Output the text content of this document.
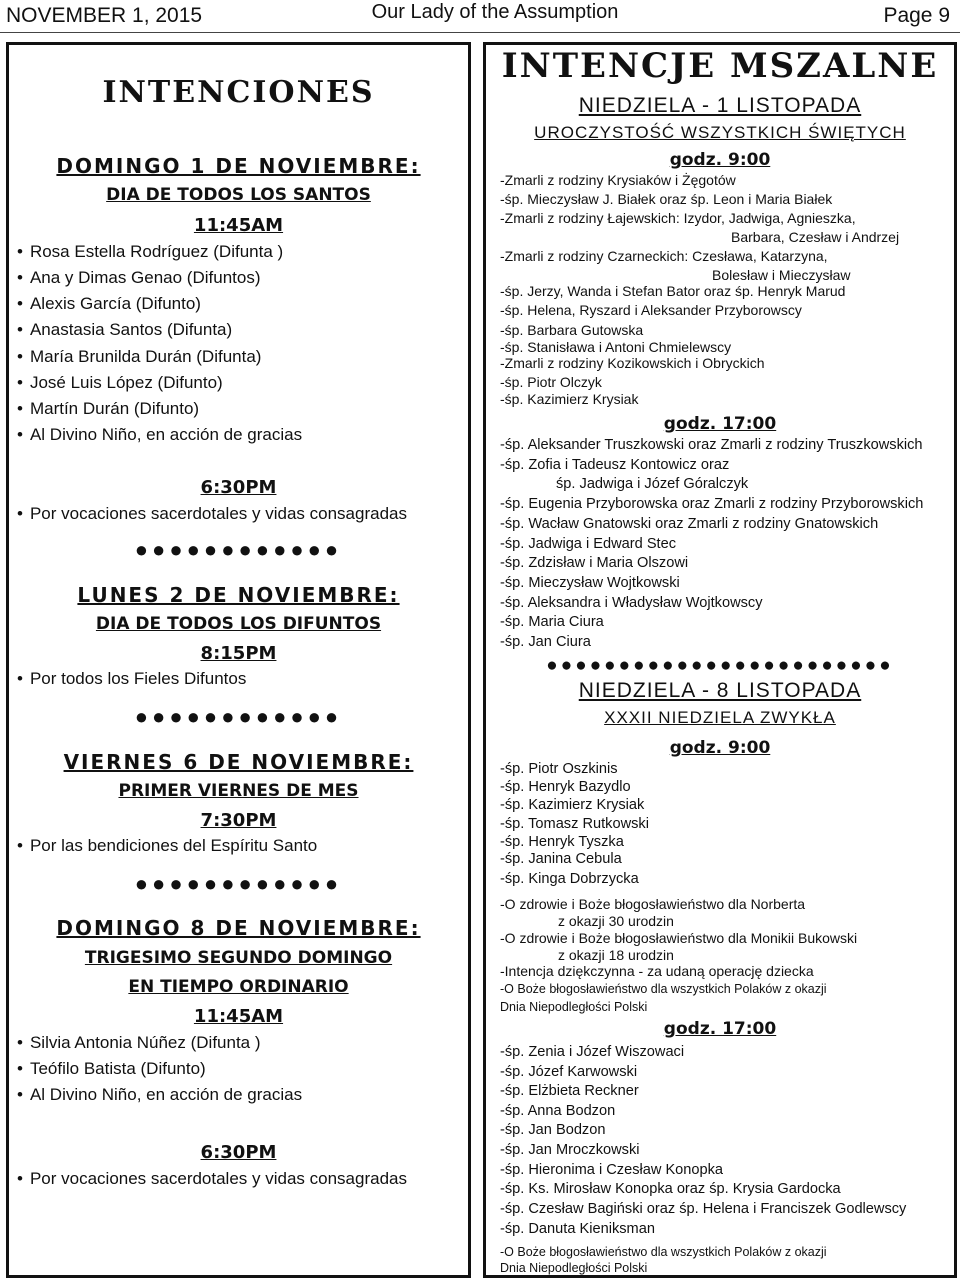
NOVEMBER 1, 2015	Our Lady of the Assumption	Page 9
INTENCIONES
DOMINGO 1 DE NOVIEMBRE:
DIA DE TODOS LOS SANTOS
11:45AM
• Rosa Estella Rodríguez (Difunta )
• Ana y Dimas Genao (Difuntos)
• Alexis García (Difunto)
• Anastasia Santos (Difunta)
• María Brunilda Durán (Difunta)
• José Luis López (Difunto)
• Martín Durán (Difunto)
• Al Divino Niño, en acción de gracias
6:30PM
• Por vocaciones sacerdotales y vidas consagradas
●●●●●●●●●●●●
LUNES 2 DE NOVIEMBRE:
DIA DE TODOS LOS DIFUNTOS
8:15PM
• Por todos los Fieles Difuntos
●●●●●●●●●●●●
VIERNES 6 DE NOVIEMBRE:
PRIMER VIERNES DE MES
7:30PM
• Por las bendiciones del Espíritu Santo
●●●●●●●●●●●●
DOMINGO 8 DE NOVIEMBRE:
TRIGESIMO SEGUNDO DOMINGO
EN TIEMPO ORDINARIO
11:45AM
• Silvia Antonia Núñez (Difunta )
• Teófilo Batista (Difunto)
• Al Divino Niño, en acción de gracias
6:30PM
• Por vocaciones sacerdotales y vidas consagradas
INTENCJE MSZALNE
NIEDZIELA - 1 LISTOPADA
UROCZYSTOŚĆ WSZYSTKICH ŚWIĘTYCH
godz. 9:00
-Zmarli z rodziny Krysiaków i Żęgotów
-śp. Mieczysław J. Białek oraz śp. Leon i Maria Białek
-Zmarli z rodziny Łajewskich: Izydor, Jadwiga, Agnieszka,
Barbara, Czesław i Andrzej
-Zmarli z rodziny Czarneckich: Czesława, Katarzyna,
Bolesław i Mieczysław
-śp. Jerzy, Wanda i Stefan Bator oraz śp. Henryk Marud
-śp. Helena, Ryszard i Aleksander Przyborowscy
-śp. Barbara Gutowska
-śp. Stanisława i Antoni Chmielewscy
-Zmarli z rodziny Kozikowskich i Obryckich
-śp. Piotr Olczyk
-śp. Kazimierz Krysiak
godz. 17:00
-śp. Aleksander Truszkowski oraz Zmarli z rodziny Truszkowskich
-śp. Zofia i Tadeusz Kontowicz oraz
śp. Jadwiga i Józef Góralczyk
-śp. Eugenia Przyborowska oraz Zmarli z rodziny Przyborowskich
-śp. Wacław Gnatowski oraz Zmarli z rodziny Gnatowskich
-śp. Jadwiga i Edward Stec
-śp. Zdzisław i Maria Olszowi
-śp. Mieczysław Wojtkowski
-śp. Aleksandra i Władysław Wojtkowscy
-śp. Maria Ciura
-śp. Jan Ciura
●●●●●●●●●●●●●●●●●●●●●●●●
NIEDZIELA - 8 LISTOPADA
XXXII NIEDZIELA ZWYKŁA
godz. 9:00
-śp. Piotr Oszkinis
-śp. Henryk Bazydlo
-śp. Kazimierz Krysiak
-śp. Tomasz Rutkowski
-śp. Henryk Tyszka
-śp. Janina Cebula
-śp. Kinga Dobrzycka
-O zdrowie i Boże błogosławieństwo dla Norberta
z okazji 30 urodzin
-O zdrowie i Boże błogosławieństwo dla Monikii Bukowski
z okazji 18 urodzin
-Intencja dziękczynna - za udaną operację dziecka
-O Boże błogosławieństwo dla wszystkich Polaków z okazji
Dnia Niepodległości Polski
godz. 17:00
-śp. Zenia i Józef Wiszowaci
-śp. Józef Karwowski
-śp. Elżbieta Reckner
-śp. Anna Bodzon
-śp. Jan Bodzon
-śp. Jan Mroczkowski
-śp. Hieronima i Czesław Konopka
-śp. Ks. Mirosław Konopka oraz śp. Krysia Gardocka
-śp. Czesław Bagiński oraz śp. Helena i Franciszek Godlewscy
-śp. Danuta Kieniksman
-O Boże błogosławieństwo dla wszystkich Polaków z okazji
Dnia Niepodległości Polski
